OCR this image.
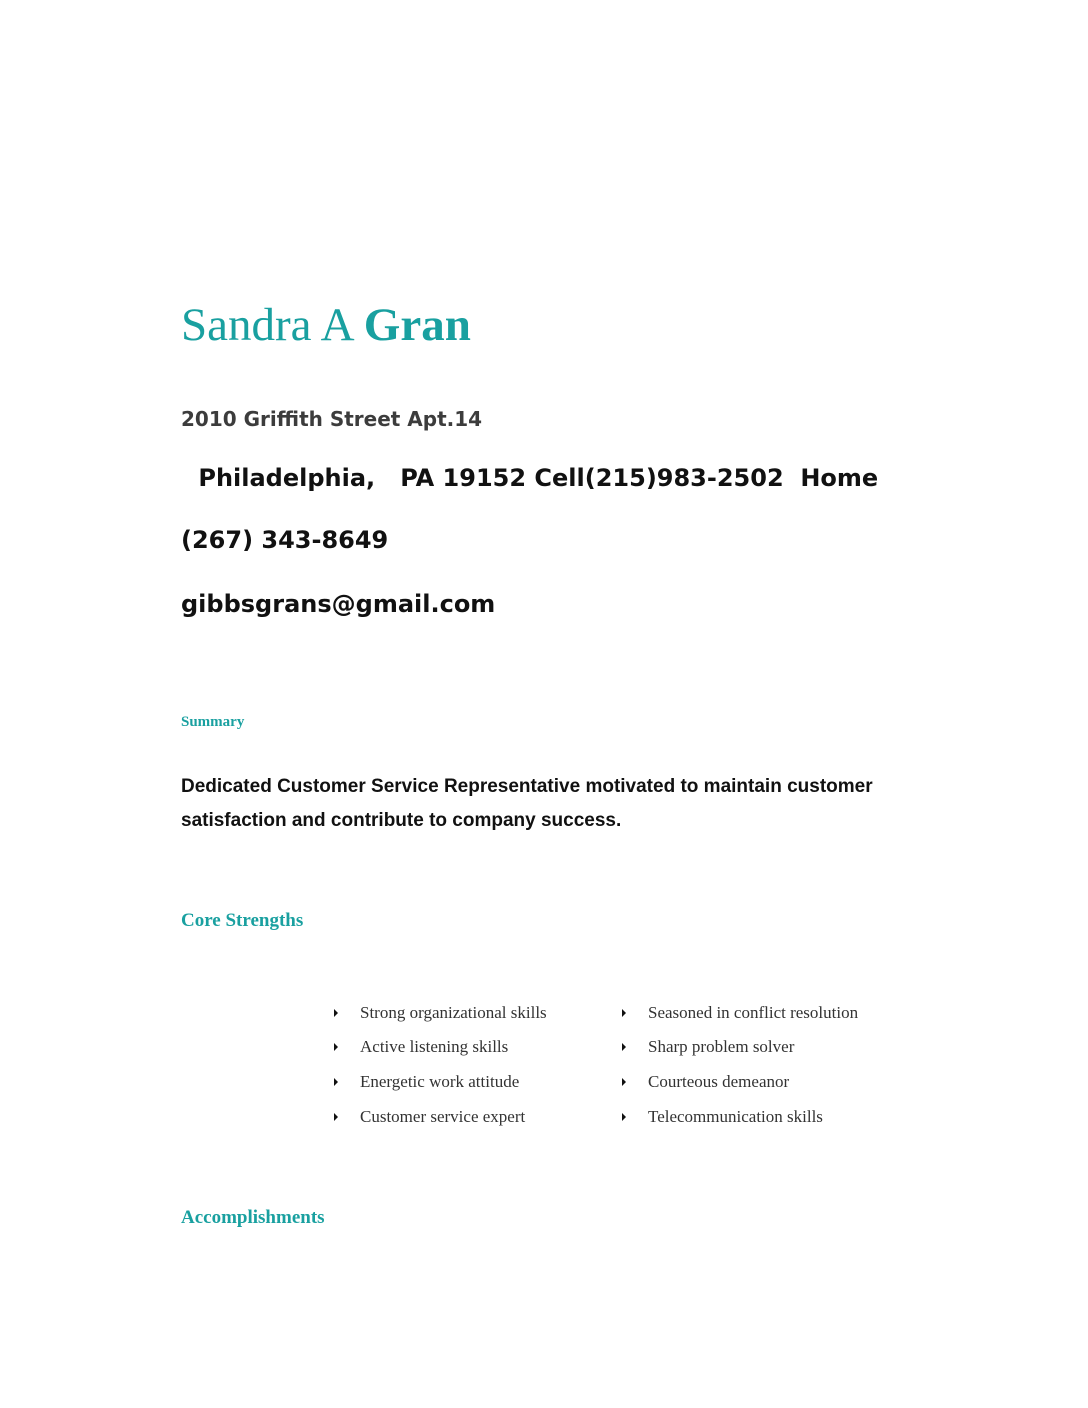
Sandra A Gran
2010 Griffith Street Apt.14
Philadelphia,   PA 19152 Cell(215)983-2502  Home
(267) 343-8649
gibbsgrans@gmail.com
Summary
Dedicated Customer Service Representative motivated to maintain customer satisfaction and contribute to company success.
Core Strengths
Strong organizational skills
Active listening skills
Energetic work attitude
Customer service expert
Seasoned in conflict resolution
Sharp problem solver
Courteous demeanor
Telecommunication skills
Accomplishments
